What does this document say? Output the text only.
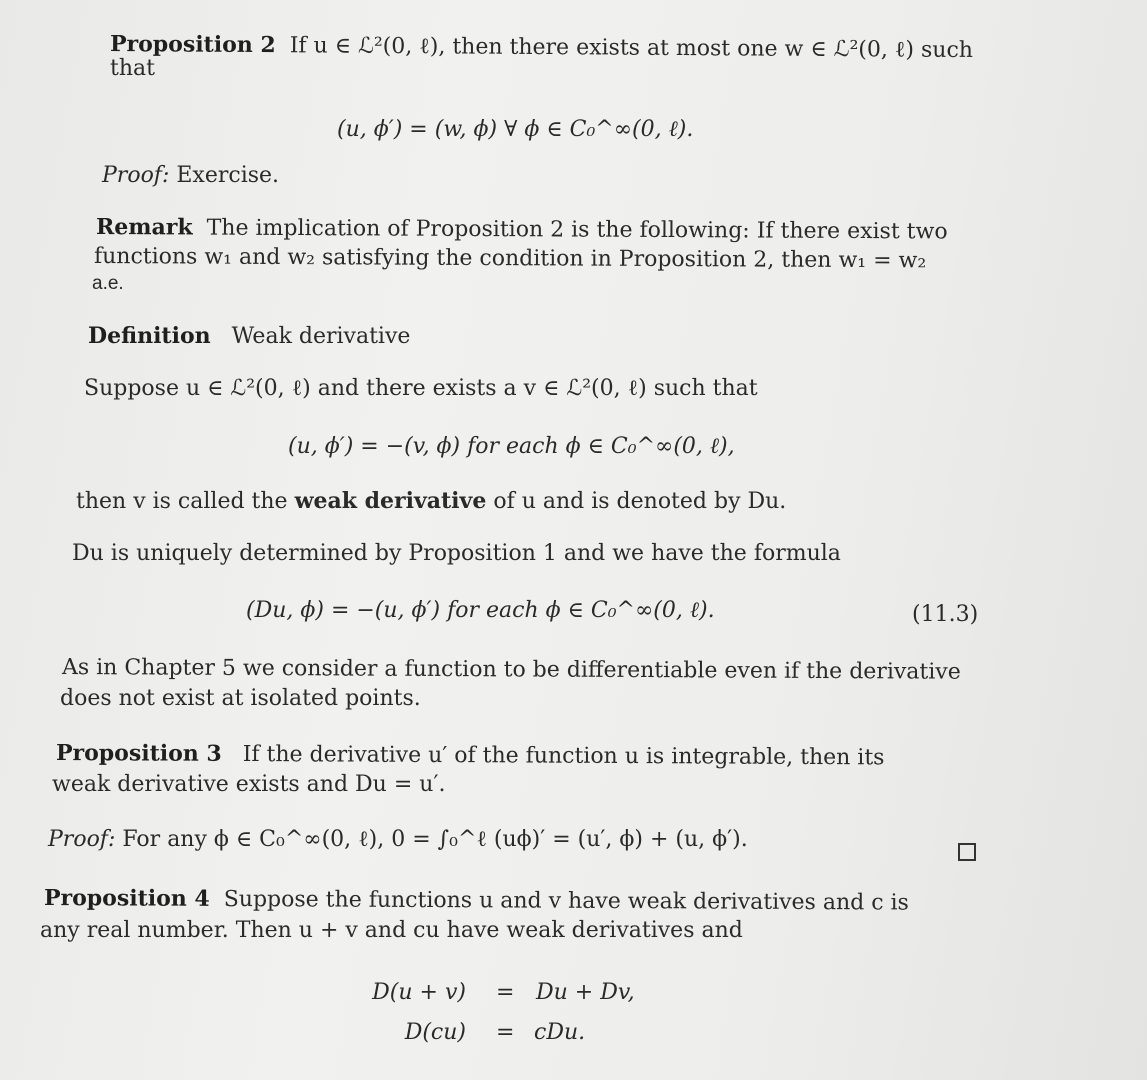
Proposition 2 If u ∈ ℒ²(0, ℓ), then there exists at most one w ∈ ℒ²(0, ℓ) such
that
(u, ϕ′) = (w, ϕ) ∀ ϕ ∈ C₀^∞(0, ℓ).
Proof: Exercise.
Remark The implication of Proposition 2 is the following: If there exist two
functions w₁ and w₂ satisfying the condition in Proposition 2, then w₁ = w₂
a.e.
Definition Weak derivative
Suppose u ∈ ℒ²(0, ℓ) and there exists a v ∈ ℒ²(0, ℓ) such that
(u, ϕ′) = −(v, ϕ) for each ϕ ∈ C₀^∞(0, ℓ),
then v is called the weak derivative of u and is denoted by Du.
Du is uniquely determined by Proposition 1 and we have the formula
(Du, ϕ) = −(u, ϕ′) for each ϕ ∈ C₀^∞(0, ℓ).	(11.3)
As in Chapter 5 we consider a function to be differentiable even if the derivative
does not exist at isolated points.
Proposition 3 If the derivative u′ of the function u is integrable, then its
weak derivative exists and Du = u′.
Proof: For any ϕ ∈ C₀^∞(0, ℓ), 0 = ∫₀^ℓ (uϕ)′ = (u′, ϕ) + (u, ϕ′).
Proposition 4 Suppose the functions u and v have weak derivatives and c is
any real number. Then u + v and cu have weak derivatives and
D(u + v) = Du + Dv,
D(cu) = cDu.
